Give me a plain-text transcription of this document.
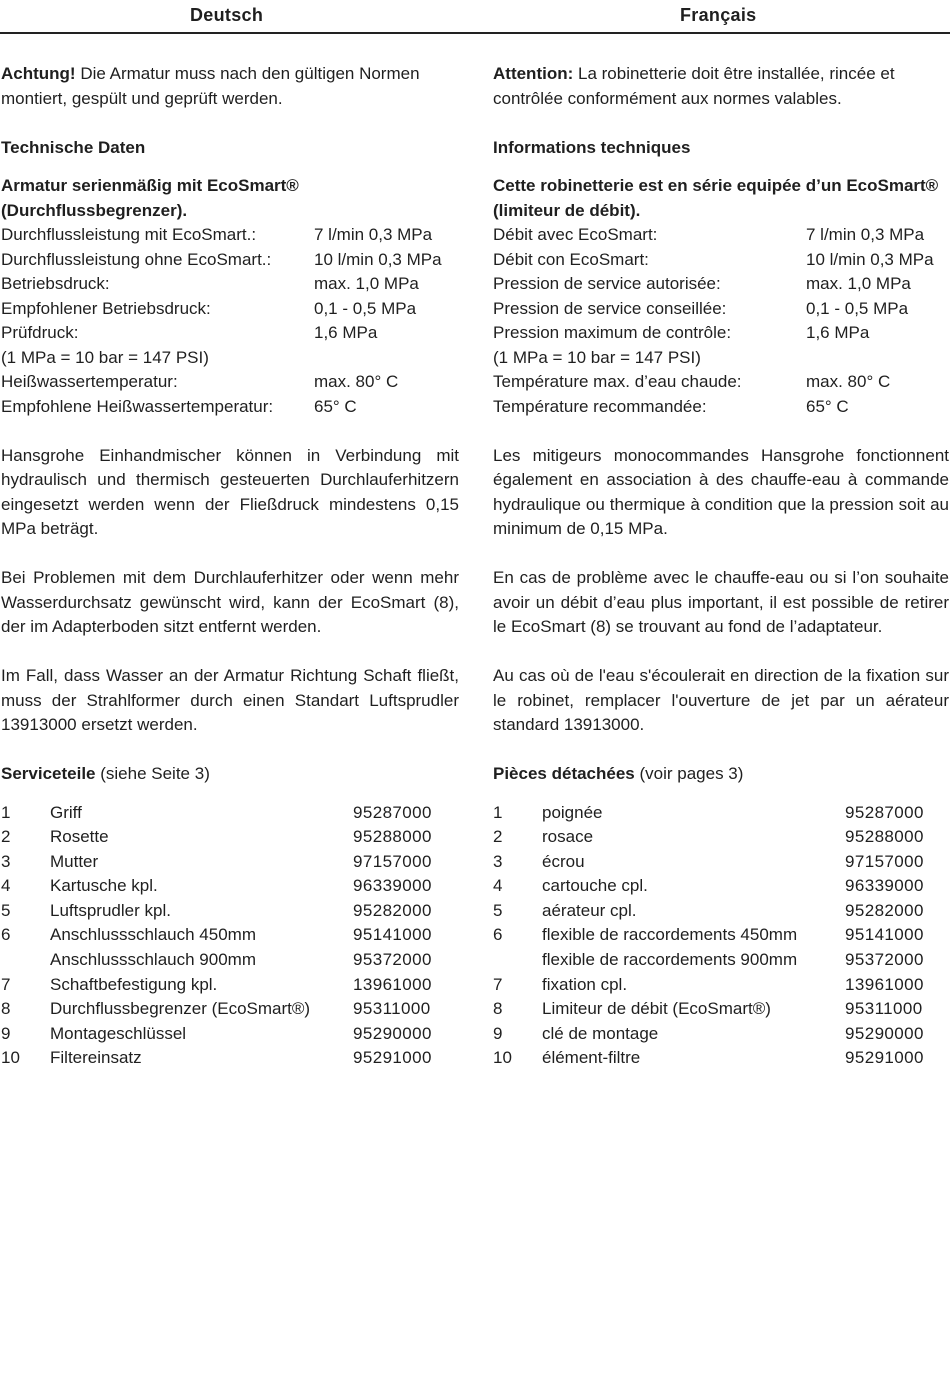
Deutsch	Français

Achtung! Die Armatur muss nach den gültigen Normen montiert, gespült und geprüft werden.

Technische Daten

Armatur serienmäßig mit EcoSmart® (Durchflussbegrenzer).

Durchflussleistung mit EcoSmart.:	7 l/min 0,3 MPa
Durchflussleistung ohne EcoSmart.:	10 l/min 0,3 MPa
Betriebsdruck:	max. 1,0 MPa
Empfohlener Betriebsdruck:	0,1 - 0,5 MPa
Prüfdruck:	1,6 MPa
(1 MPa = 10 bar = 147 PSI)
Heißwassertemperatur:	max. 80° C
Empfohlene Heißwassertemperatur: 65° C

Hansgrohe Einhandmischer können in Verbindung mit hydraulisch und thermisch gesteuerten Durchlauferhitzern eingesetzt werden wenn der Fließdruck mindestens 0,15 MPa beträgt.

Bei Problemen mit dem Durchlauferhitzer oder wenn mehr Wasserdurchsatz gewünscht wird, kann der EcoSmart (8), der im Adapterboden sitzt entfernt werden.

Im Fall, dass Wasser an der Armatur Richtung Schaft fließt, muss der Strahlformer durch einen Standart Luftsprudler 13913000 ersetzt werden.

Serviceteile (siehe Seite 3)

1 Griff	95287000
2 Rosette	95288000
3 Mutter	97157000
4 Kartusche kpl.	96339000
5 Luftsprudler kpl.	95282000
6 Anschlussschlauch 450mm	95141000
Anschlussschlauch 900mm	95372000
7 Schaftbefestigung kpl.	13961000
8 Durchflussbegrenzer (EcoSmart®)	95311000
9 Montageschlüssel	95290000
10 Filtereinsatz	95291000

Attention: La robinetterie doit être installée, rincée et contrôlée conformément aux normes valables.

Informations techniques

Cette robinetterie est en série equipée d’un EcoSmart® (limiteur de débit).

Débit avec EcoSmart:	7 l/min 0,3 MPa
Débit con EcoSmart:	10 l/min 0,3 MPa
Pression de service autorisée:	max. 1,0 MPa
Pression de service conseillée:	0,1 - 0,5 MPa
Pression maximum de contrôle:	1,6 MPa
(1 MPa = 10 bar = 147 PSI)
Température max. d’eau chaude:	max. 80° C
Température recommandée:	65° C

Les mitigeurs monocommandes Hansgrohe fonctionnent également en association à des chauffe-eau à commande hydraulique ou thermique à condition que la pression soit au minimum de 0,15 MPa.

En cas de problème avec le chauffe-eau ou si l’on souhaite avoir un débit d’eau plus important, il est possible de retirer le EcoSmart (8) se trouvant au fond de l’adaptateur.

Au cas où de l'eau s'écoulerait en direction de la fixation sur le robinet, remplacer l'ouverture de jet par un aérateur standard 13913000.

Pièces détachées (voir pages 3)

1 poignée	95287000
2 rosace	95288000
3 écrou	97157000
4 cartouche cpl.	96339000
5 aérateur cpl.	95282000
6 flexible de raccordements 450mm	95141000
flexible de raccordements 900mm	95372000
7 fixation cpl.	13961000
8 Limiteur de débit (EcoSmart®)	95311000
9 clé de montage	95290000
10 élément-filtre	95291000
